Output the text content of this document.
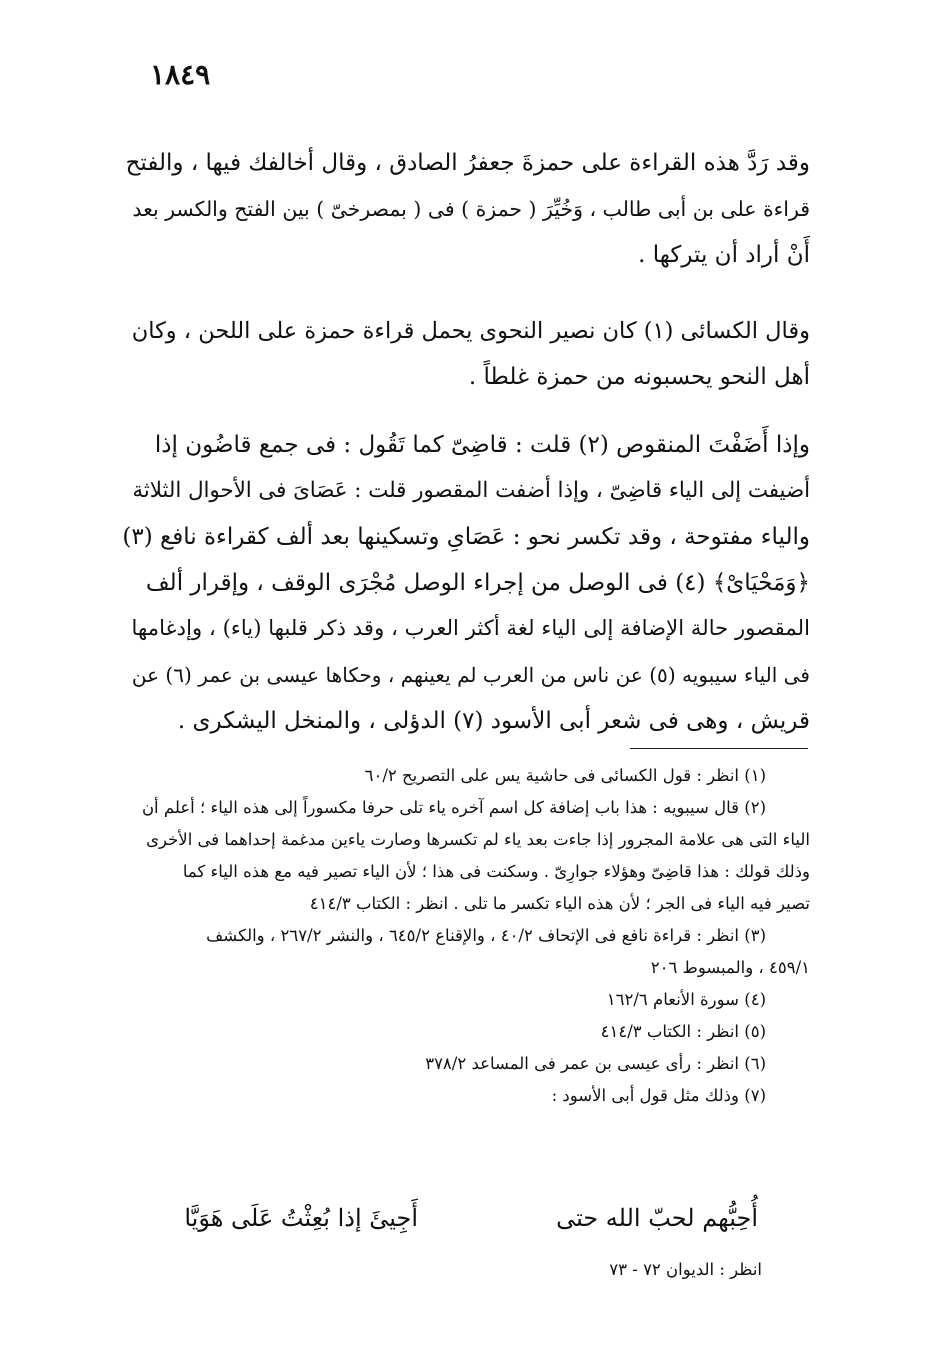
١٨٤٩
وقد رَدَّ هذه القراءة على حمزةَ جعفرُ الصادق ، وقال أخالفك فيها ، والفتح
قراءة على بن أبى طالب ، وَخُيِّرَ ( حمزة ) فى ( بمصرخىّ ) بين الفتح والكسر بعد
أَنْ أراد أن يتركها .
وقال الكسائى (١) كان نصير النحوى يحمل قراءة حمزة على اللحن ، وكان
أهل النحو يحسبونه من حمزة غلطاً .
وإذا أَضَفْتَ المنقوص (٢) قلت : قاضِىّ كما تَقُول : فى جمع قاضُون إذا
أضيفت إلى الياء قاضِىّ ، وإذا أضفت المقصور قلت : عَصَاىَ فى الأحوال الثلاثة
والياء مفتوحة ، وقد تكسر نحو : عَصَاىِ وتسكينها بعد ألف كقراءة نافع (٣)
﴿وَمَحْيَاىْ﴾ (٤) فى الوصل من إجراء الوصل مُجْرَى الوقف ، وإقرار ألف
المقصور حالة الإضافة إلى الياء لغة أكثر العرب ، وقد ذكر قلبها (ياء) ، وإدغامها
فى الياء سيبويه (٥) عن ناس من العرب لم يعينهم ، وحكاها عيسى بن عمر (٦) عن
قريش ، وهى فى شعر أبى الأسود (٧) الدؤلى ، والمنخل اليشكرى .
(١) انظر : قول الكسائى فى حاشية يس على التصريح ٦٠/٢
(٢) قال سيبويه : هذا باب إضافة كل اسم آخره ياء تلى حرفا مكسوراً إلى هذه الياء ؛ أعلم أن
الياء التى هى علامة المجرور إذا جاءت بعد ياء لم تكسرها وصارت ياءين مدغمة إحداهما فى الأخرى
وذلك قولك : هذا قاضِىّ وهؤلاء جوارِىّ . وسكنت فى هذا ؛ لأن الياء تصير فيه مع هذه الياء كما
تصير فيه الياء فى الجر ؛ لأن هذه الياء تكسر ما تلى . انظر : الكتاب ٤١٤/٣
(٣) انظر : قراءة نافع فى الإتحاف ٤٠/٢ ، والإقناع ٦٤٥/٢ ، والنشر ٢٦٧/٢ ، والكشف
٤٥٩/١ ، والمبسوط ٢٠٦
(٤) سورة الأنعام ١٦٢/٦
(٥) انظر : الكتاب ٤١٤/٣
(٦) انظر : رأى عيسى بن عمر فى المساعد ٣٧٨/٢
(٧) وذلك مثل قول أبى الأسود :
أُحِبُّهم لحبّ الله حتى
أَجِيئَ إذا بُعِثْتُ عَلَى هَوَيَّا
انظر : الديوان ٧٢ - ٧٣
